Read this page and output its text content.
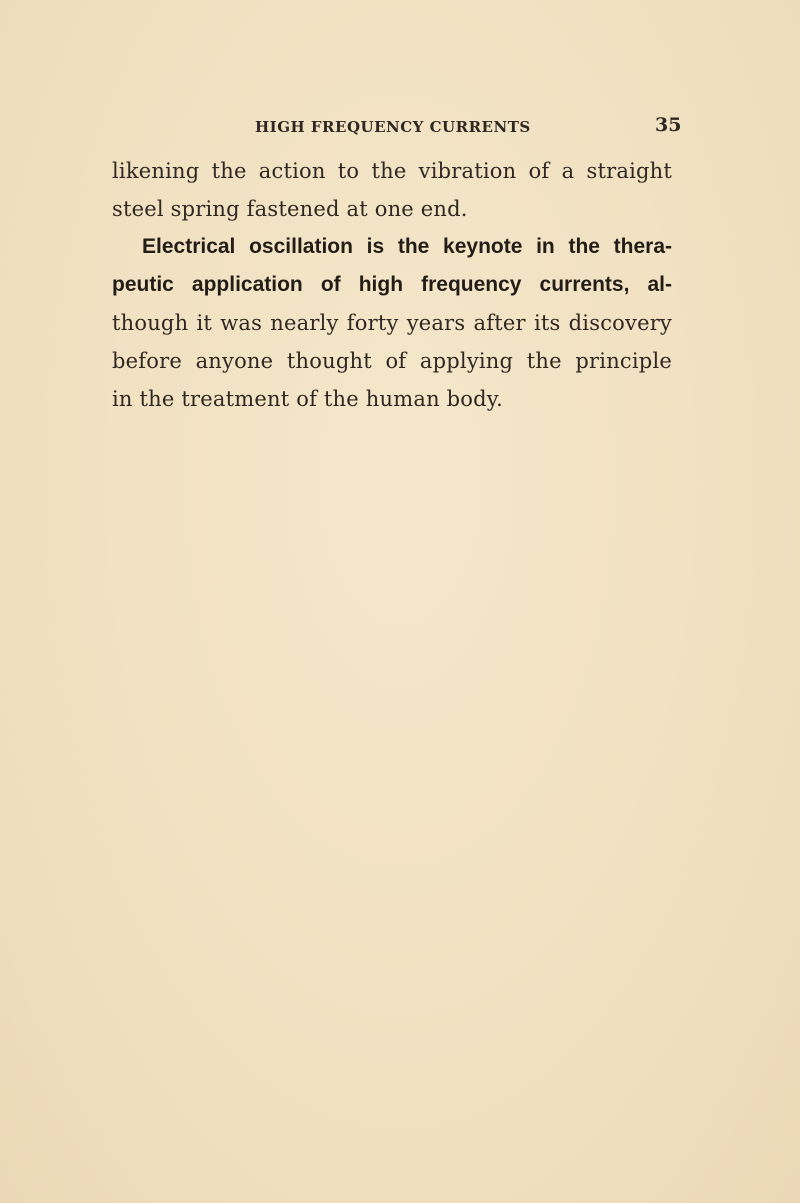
HIGH FREQUENCY CURRENTS	35
likening the action to the vibration of a straight
steel spring fastened at one end.
Electrical oscillation is the keynote in the thera-
peutic application of high frequency currents, al-
though it was nearly forty years after its discovery
before anyone thought of applying the principle
in the treatment of the human body.
